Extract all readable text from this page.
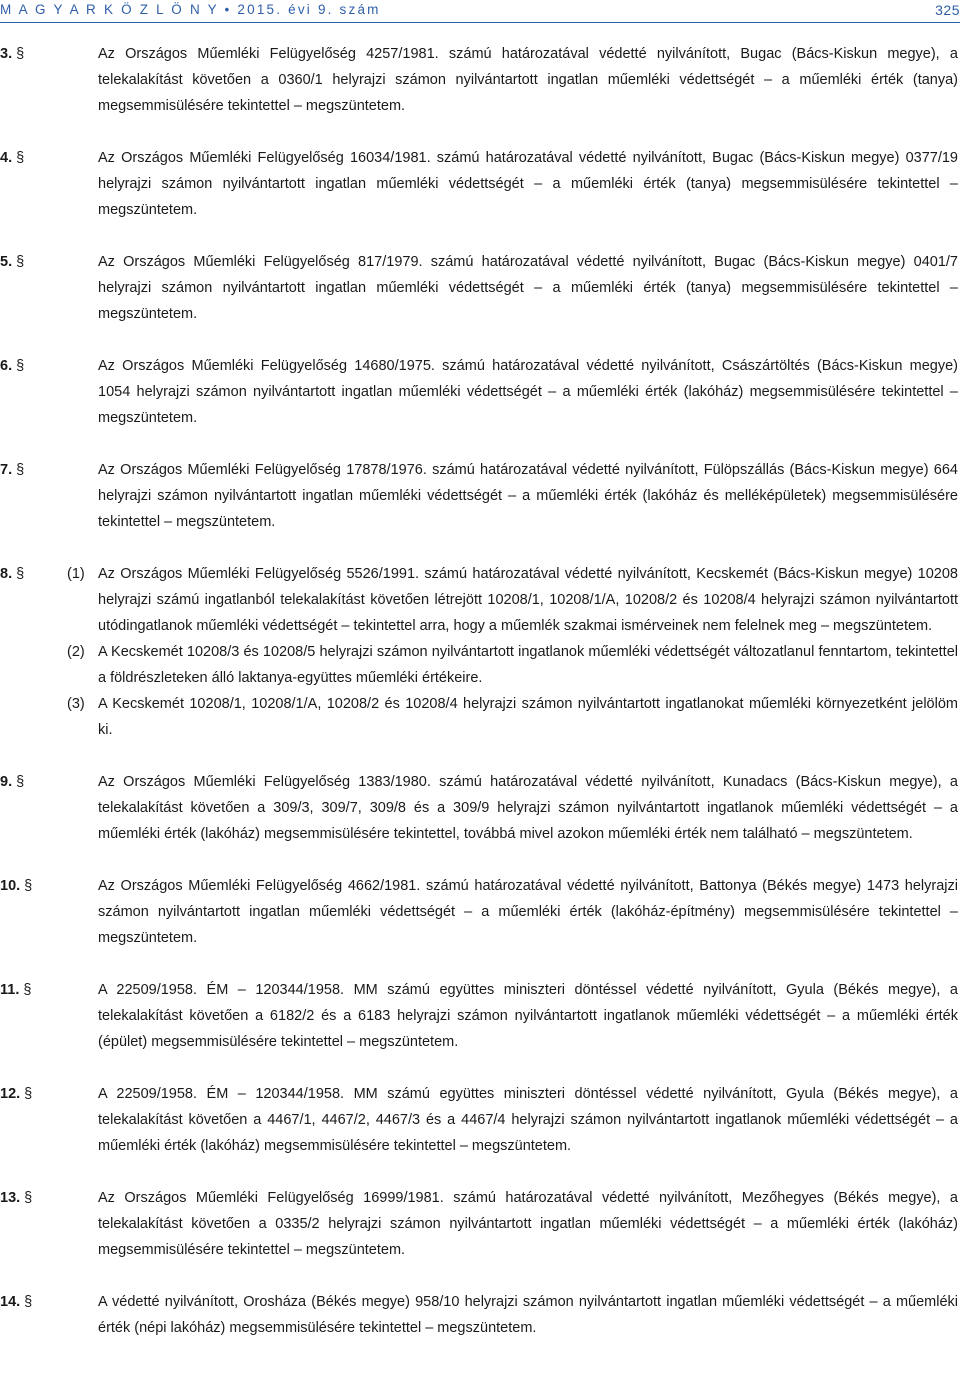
M A G Y A R K Ö Z L Ö N Y • 2015. évi 9. szám	325
3. §	Az Országos Műemléki Felügyelőség 4257/1981. számú határozatával védetté nyilvánított, Bugac (Bács-Kiskun megye), a telekalakítást követően a 0360/1 helyrajzi számon nyilvántartott ingatlan műemléki védettségét – a műemléki érték (tanya) megsemmisülésére tekintettel – megszüntetem.
4. §	Az Országos Műemléki Felügyelőség 16034/1981. számú határozatával védetté nyilvánított, Bugac (Bács-Kiskun megye) 0377/19 helyrajzi számon nyilvántartott ingatlan műemléki védettségét – a műemléki érték (tanya) megsemmisülésére tekintettel – megszüntetem.
5. §	Az Országos Műemléki Felügyelőség 817/1979. számú határozatával védetté nyilvánított, Bugac (Bács-Kiskun megye) 0401/7 helyrajzi számon nyilvántartott ingatlan műemléki védettségét – a műemléki érték (tanya) megsemmisülésére tekintettel – megszüntetem.
6. §	Az Országos Műemléki Felügyelőség 14680/1975. számú határozatával védetté nyilvánított, Császártöltés (Bács-Kiskun megye) 1054 helyrajzi számon nyilvántartott ingatlan műemléki védettségét – a műemléki érték (lakóház) megsemmisülésére tekintettel – megszüntetem.
7. §	Az Országos Műemléki Felügyelőség 17878/1976. számú határozatával védetté nyilvánított, Fülöpszállás (Bács-Kiskun megye) 664 helyrajzi számon nyilvántartott ingatlan műemléki védettségét – a műemléki érték (lakóház és melléképületek) megsemmisülésére tekintettel – megszüntetem.
8. §	(1) Az Országos Műemléki Felügyelőség 5526/1991. számú határozatával védetté nyilvánított, Kecskemét (Bács-Kiskun megye) 10208 helyrajzi számú ingatlanból telekalakítást követően létrejött 10208/1, 10208/1/A, 10208/2 és 10208/4 helyrajzi számon nyilvántartott utódingatlanok műemléki védettségét – tekintettel arra, hogy a műemlék szakmai ismérveinek nem felelnek meg – megszüntetem.
(2) A Kecskemét 10208/3 és 10208/5 helyrajzi számon nyilvántartott ingatlanok műemléki védettségét változatlanul fenntartom, tekintettel a földrészleteken álló laktanya-együttes műemléki értékeire.
(3) A Kecskemét 10208/1, 10208/1/A, 10208/2 és 10208/4 helyrajzi számon nyilvántartott ingatlanokat műemléki környezetként jelölöm ki.
9. §	Az Országos Műemléki Felügyelőség 1383/1980. számú határozatával védetté nyilvánított, Kunadacs (Bács-Kiskun megye), a telekalakítást követően a 309/3, 309/7, 309/8 és a 309/9 helyrajzi számon nyilvántartott ingatlanok műemléki védettségét – a műemléki érték (lakóház) megsemmisülésére tekintettel, továbbá mivel azokon műemléki érték nem található – megszüntetem.
10. §	Az Országos Műemléki Felügyelőség 4662/1981. számú határozatával védetté nyilvánított, Battonya (Békés megye) 1473 helyrajzi számon nyilvántartott ingatlan műemléki védettségét – a műemléki érték (lakóház-építmény) megsemmisülésére tekintettel – megszüntetem.
11. §	A 22509/1958. ÉM – 120344/1958. MM számú együttes miniszteri döntéssel védetté nyilvánított, Gyula (Békés megye), a telekalakítást követően a 6182/2 és a 6183 helyrajzi számon nyilvántartott ingatlanok műemléki védettségét – a műemléki érték (épület) megsemmisülésére tekintettel – megszüntetem.
12. §	A 22509/1958. ÉM – 120344/1958. MM számú együttes miniszteri döntéssel védetté nyilvánított, Gyula (Békés megye), a telekalakítást követően a 4467/1, 4467/2, 4467/3 és a 4467/4 helyrajzi számon nyilvántartott ingatlanok műemléki védettségét – a műemléki érték (lakóház) megsemmisülésére tekintettel – megszüntetem.
13. §	Az Országos Műemléki Felügyelőség 16999/1981. számú határozatával védetté nyilvánított, Mezőhegyes (Békés megye), a telekalakítást követően a 0335/2 helyrajzi számon nyilvántartott ingatlan műemléki védettségét – a műemléki érték (lakóház) megsemmisülésére tekintettel – megszüntetem.
14. §	A védetté nyilvánított, Orosháza (Békés megye) 958/10 helyrajzi számon nyilvántartott ingatlan műemléki védettségét – a műemléki érték (népi lakóház) megsemmisülésére tekintettel – megszüntetem.
